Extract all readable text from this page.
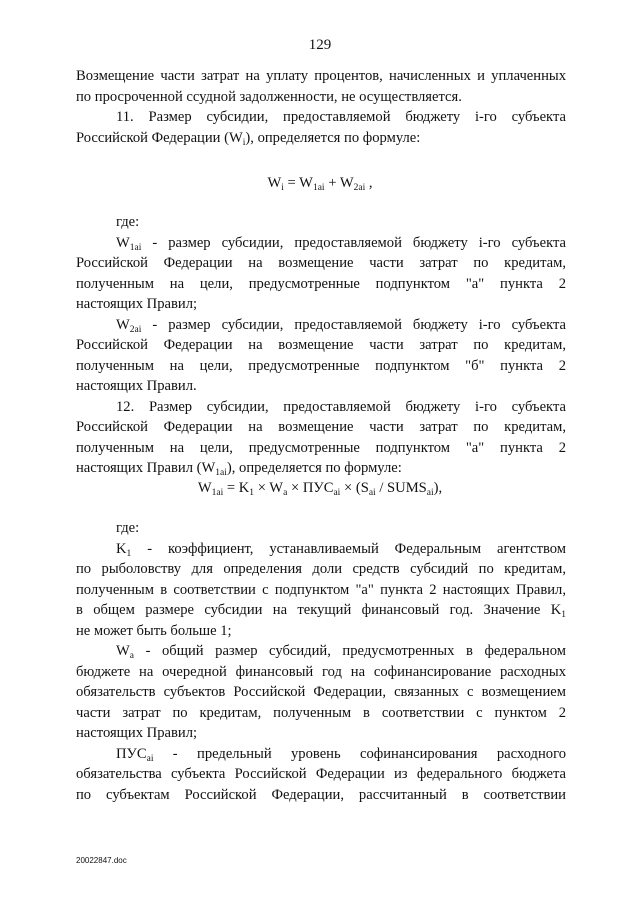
129
Возмещение части затрат на уплату процентов, начисленных и уплаченных
по просроченной ссудной задолженности, не осуществляется.
11. Размер субсидии, предоставляемой бюджету i-го субъекта
Российской Федерации $(W_i)$, определяется по формуле:
$W_i = W_{1ai} + W_{2ai}$ ,
где:
$W_{1ai}$ - размер субсидии, предоставляемой бюджету i-го субъекта
Российской Федерации на возмещение части затрат по кредитам,
полученным на цели, предусмотренные подпунктом "а" пункта 2
настоящих Правил;
$W_{2ai}$ - размер субсидии, предоставляемой бюджету i-го субъекта
Российской Федерации на возмещение части затрат по кредитам,
полученным на цели, предусмотренные подпунктом "б" пункта 2
настоящих Правил.
12. Размер субсидии, предоставляемой бюджету i-го субъекта
Российской Федерации на возмещение части затрат по кредитам,
полученным на цели, предусмотренные подпунктом "а" пункта 2
настоящих Правил $(W_{1ai})$, определяется по формуле:
$W_{1ai} = K_1 \times W_a \times ПУС_{ai} \times (S_{ai}$ / $SUMS_{ai}$),
где:
$K_1$ - коэффициент, устанавливаемый Федеральным агентством
по рыболовству для определения доли средств субсидий по кредитам,
полученным в соответствии с подпунктом "а" пункта 2 настоящих Правил,
в общем размере субсидии на текущий финансовый год. Значение $K_1$
не может быть больше 1;
$W_a$ - общий размер субсидий, предусмотренных в федеральном
бюджете на очередной финансовый год на софинансирование расходных
обязательств субъектов Российской Федерации, связанных с возмещением
части затрат по кредитам, полученным в соответствии с пунктом 2
настоящих Правил;
$ПУС_{ai}$ - предельный уровень софинансирования расходного
обязательства субъекта Российской Федерации из федерального бюджета
по субъектам Российской Федерации, рассчитанный в соответствии
20022847.doc
